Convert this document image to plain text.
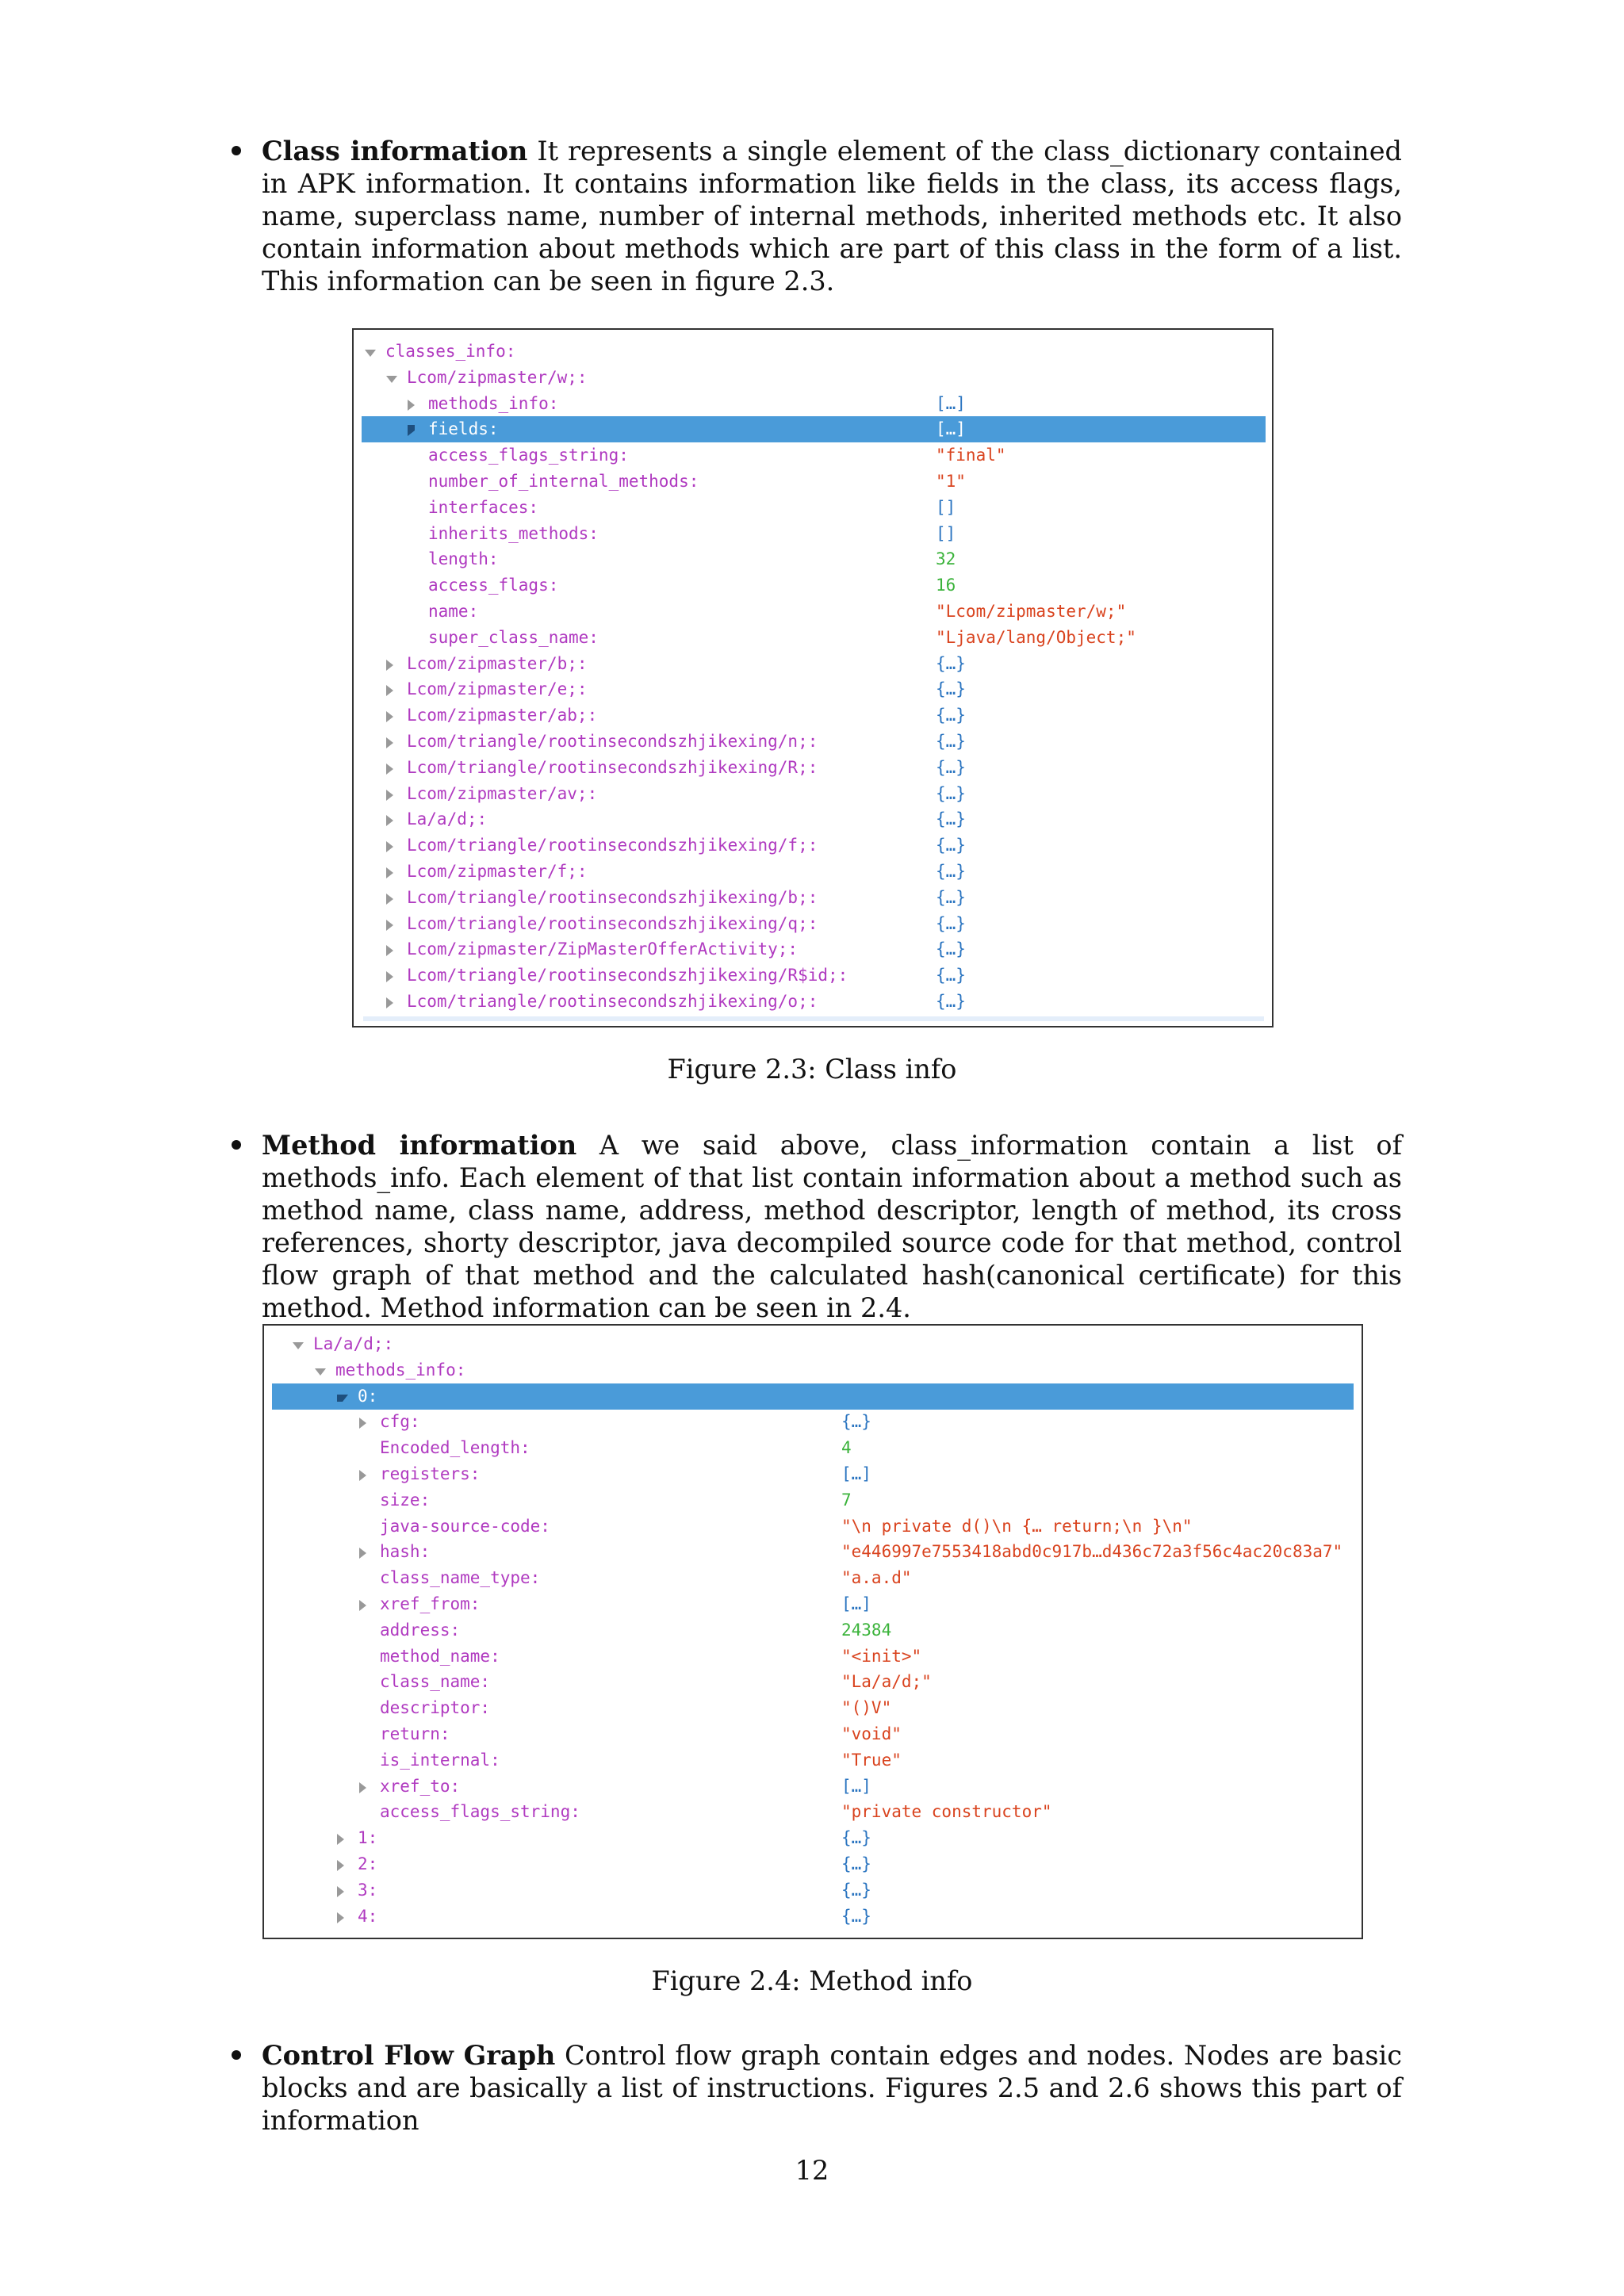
Class information It represents a single element of the class_dictionary contained in APK information. It contains information like fields in the class, its access flags, name, superclass name, number of internal methods, inherited methods etc. It also contain information about methods which are part of this class in the form of a list. This information can be seen in figure 2.3.
classes_info:
Lcom/zipmaster/w;:
methods_info:	[…]
fields:	[…]
access_flags_string:	"final"
number_of_internal_methods:	"1"
interfaces:	[]
inherits_methods:	[]
length:	32
access_flags:	16
name:	"Lcom/zipmaster/w;"
super_class_name:	"Ljava/lang/Object;"
Lcom/zipmaster/b;:	{…}
Lcom/zipmaster/e;:	{…}
Lcom/zipmaster/ab;:	{…}
Lcom/triangle/rootinsecondszhjikexing/n;:	{…}
Lcom/triangle/rootinsecondszhjikexing/R;:	{…}
Lcom/zipmaster/av;:	{…}
La/a/d;:	{…}
Lcom/triangle/rootinsecondszhjikexing/f;:	{…}
Lcom/zipmaster/f;:	{…}
Lcom/triangle/rootinsecondszhjikexing/b;:	{…}
Lcom/triangle/rootinsecondszhjikexing/q;:	{…}
Lcom/zipmaster/ZipMasterOfferActivity;:	{…}
Lcom/triangle/rootinsecondszhjikexing/R$id;:	{…}
Lcom/triangle/rootinsecondszhjikexing/o;:	{…}
Figure 2.3: Class info
Method information A we said above, class_information contain a list of methods_info. Each element of that list contain information about a method such as method name, class name, address, method descriptor, length of method, its cross references, shorty descriptor, java decompiled source code for that method, control flow graph of that method and the calculated hash(canonical certificate) for this method. Method information can be seen in 2.4.
La/a/d;:
methods_info:
0:
cfg:	{…}
Encoded_length:	4
registers:	[…]
size:	7
java-source-code:	"\n private d()\n {… return;\n }\n"
hash:	"e446997e7553418abd0c917b…d436c72a3f56c4ac20c83a7"
class_name_type:	"a.a.d"
xref_from:	[…]
address:	24384
method_name:	"<init>"
class_name:	"La/a/d;"
descriptor:	"()V"
return:	"void"
is_internal:	"True"
xref_to:	[…]
access_flags_string:	"private constructor"
1:	{…}
2:	{…}
3:	{…}
4:	{…}
Figure 2.4: Method info
Control Flow Graph Control flow graph contain edges and nodes. Nodes are basic blocks and are basically a list of instructions. Figures 2.5 and 2.6 shows this part of information
12
